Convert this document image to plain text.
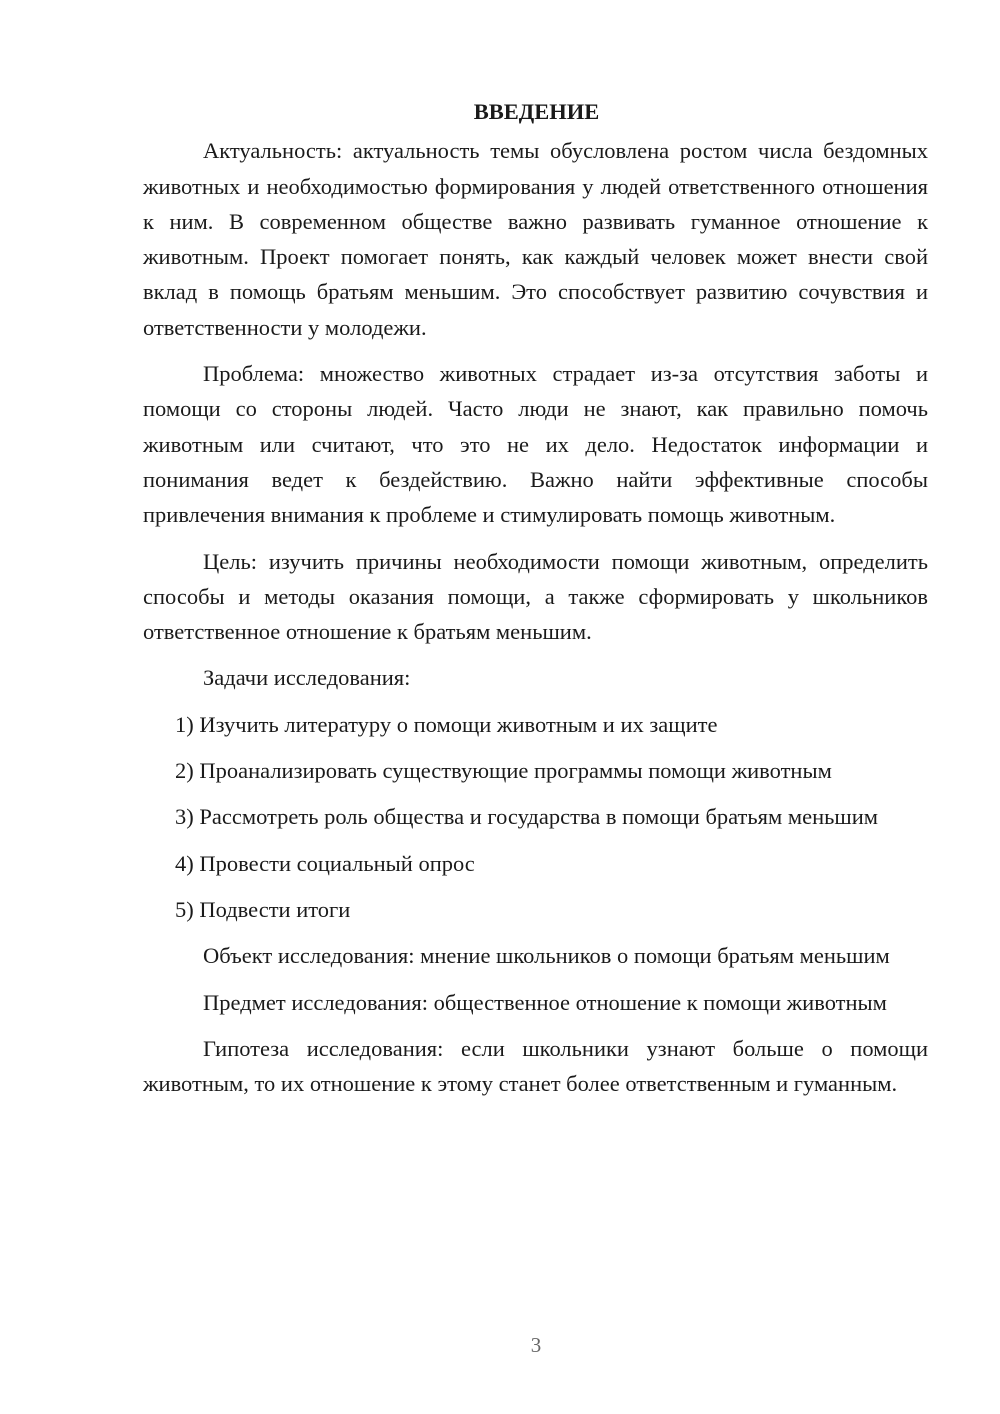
ВВЕДЕНИЕ

Актуальность: актуальность темы обусловлена ростом числа бездомных животных и необходимостью формирования у людей ответственного отношения к ним. В современном обществе важно развивать гуманное отношение к животным. Проект помогает понять, как каждый человек может внести свой вклад в помощь братьям меньшим. Это способствует развитию сочувствия и ответственности у молодежи.

Проблема: множество животных страдает из-за отсутствия заботы и помощи со стороны людей. Часто люди не знают, как правильно помочь животным или считают, что это не их дело. Недостаток информации и понимания ведет к бездействию. Важно найти эффективные способы привлечения внимания к проблеме и стимулировать помощь животным.

Цель: изучить причины необходимости помощи животным, определить способы и методы оказания помощи, а также сформировать у школьников ответственное отношение к братьям меньшим.

Задачи исследования:

1) Изучить литературу о помощи животным и их защите

2) Проанализировать существующие программы помощи животным

3) Рассмотреть роль общества и государства в помощи братьям меньшим

4) Провести социальный опрос

5) Подвести итоги

Объект исследования: мнение школьников о помощи братьям меньшим

Предмет исследования: общественное отношение к помощи животным

Гипотеза исследования: если школьники узнают больше о помощи животным, то их отношение к этому станет более ответственным и гуманным.

3
